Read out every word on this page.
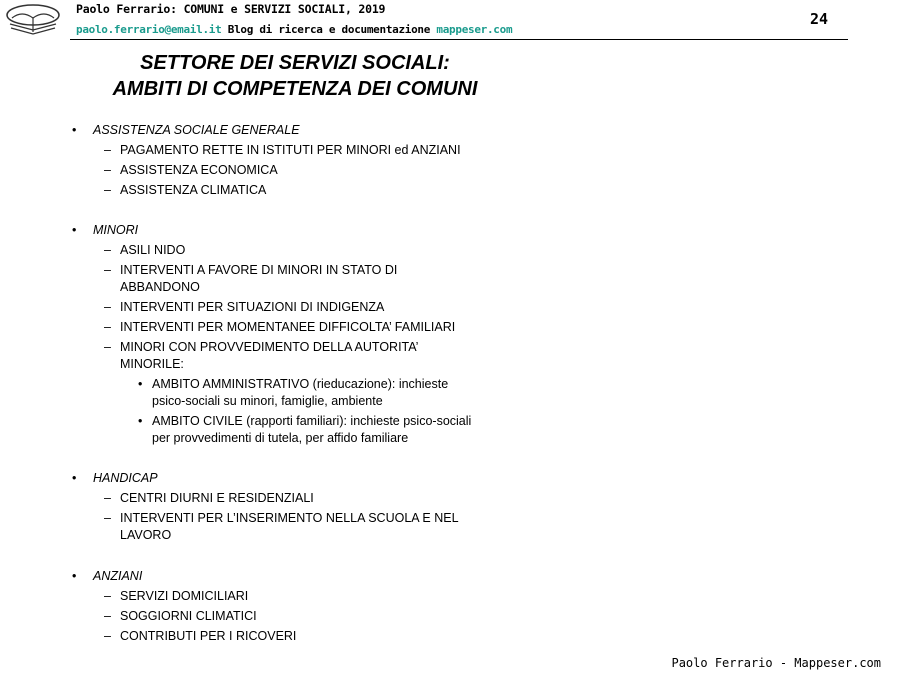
Paolo Ferrario: COMUNI e SERVIZI SOCIALI, 2019
paolo.ferrario@email.it Blog di ricerca e documentazione mappeser.com
24
SETTORE DEI SERVIZI SOCIALI:
AMBITI DI COMPETENZA DEI COMUNI
• ASSISTENZA SOCIALE GENERALE
– PAGAMENTO RETTE IN ISTITUTI PER MINORI ed ANZIANI
– ASSISTENZA ECONOMICA
– ASSISTENZA CLIMATICA
• MINORI
– ASILI NIDO
– INTERVENTI A FAVORE DI MINORI IN STATO DI
ABBANDONO
– INTERVENTI PER SITUAZIONI DI INDIGENZA
– INTERVENTI PER MOMENTANEE DIFFICOLTA’ FAMILIARI
– MINORI CON PROVVEDIMENTO DELLA AUTORITA’
MINORILE:
• AMBITO AMMINISTRATIVO (rieducazione): inchieste
psico-sociali su minori, famiglie, ambiente
• AMBITO CIVILE (rapporti familiari): inchieste psico-sociali
per provvedimenti di tutela, per affido familiare
• HANDICAP
– CENTRI DIURNI E RESIDENZIALI
– INTERVENTI PER L’INSERIMENTO NELLA SCUOLA E NEL
LAVORO
• ANZIANI
– SERVIZI DOMICILIARI
– SOGGIORNI CLIMATICI
– CONTRIBUTI PER I RICOVERI
Paolo Ferrario - Mappeser.com
